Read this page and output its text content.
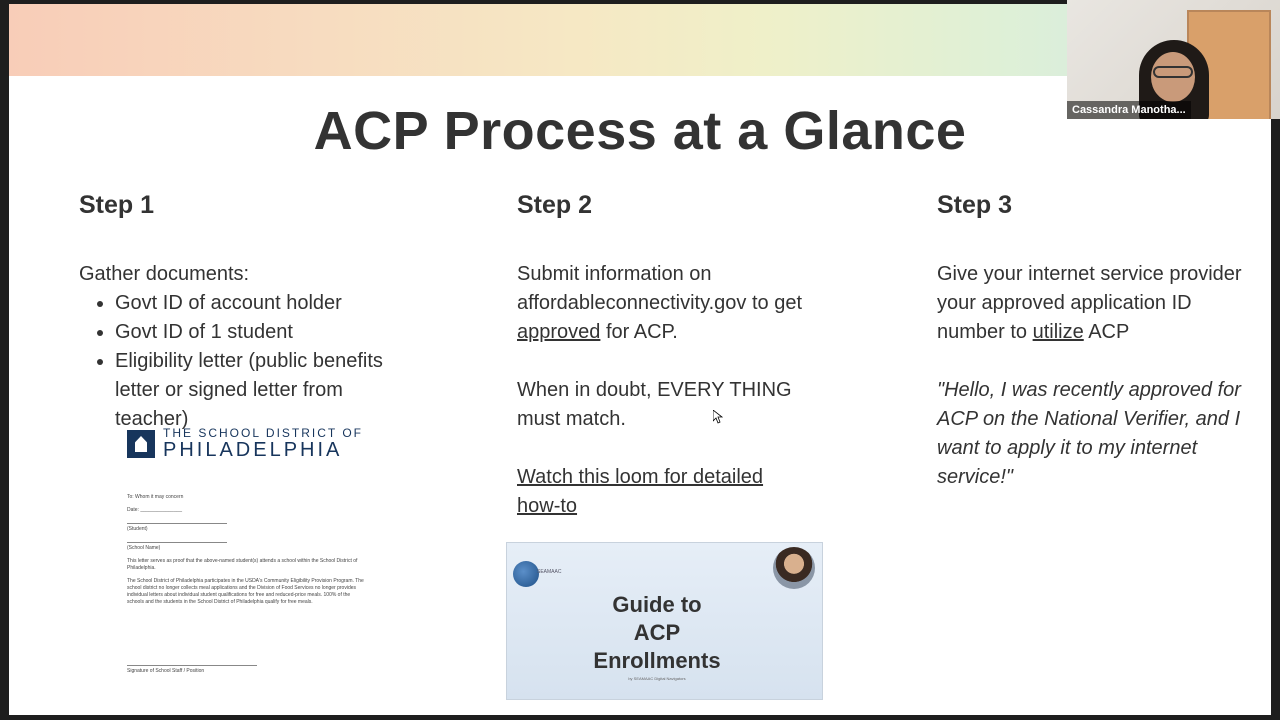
ACP Process at a Glance
Step 1

Gather documents:

• Govt ID of account holder
• Govt ID of 1 student
• Eligibility letter (public benefits letter or signed letter from teacher)
THE SCHOOL DISTRICT OF
PHILADELPHIA
To: Whom it may concern
Date: _______________
(Student)
(School Name)
This letter serves as proof that the above-named student(s) attends a school within the School District of Philadelphia.
The School District of Philadelphia participates in the USDA's Community Eligibility Provision Program. The school district no longer collects meal applications and the Division of Food Services no longer provides individual letters about individual student qualifications for free and reduced-price meals. 100% of the schools and the students in the School District of Philadelphia qualify for free meals.
Signature of School Staff / Position
Step 2

Submit information on

affordableconnectivity.gov to get

approved for ACP.

When in doubt, EVERY THING

must match.

Watch this loom for detailed
how-to

SEAMAAC
Guide to
ACP
Enrollments
by SEAMAAC Digital Navigators
Step 3

Give your internet service provider your approved application ID number to utilize ACP

"Hello, I was recently approved for ACP on the National Verifier, and I want to apply it to my internet service!"

Cassandra Manotha...
